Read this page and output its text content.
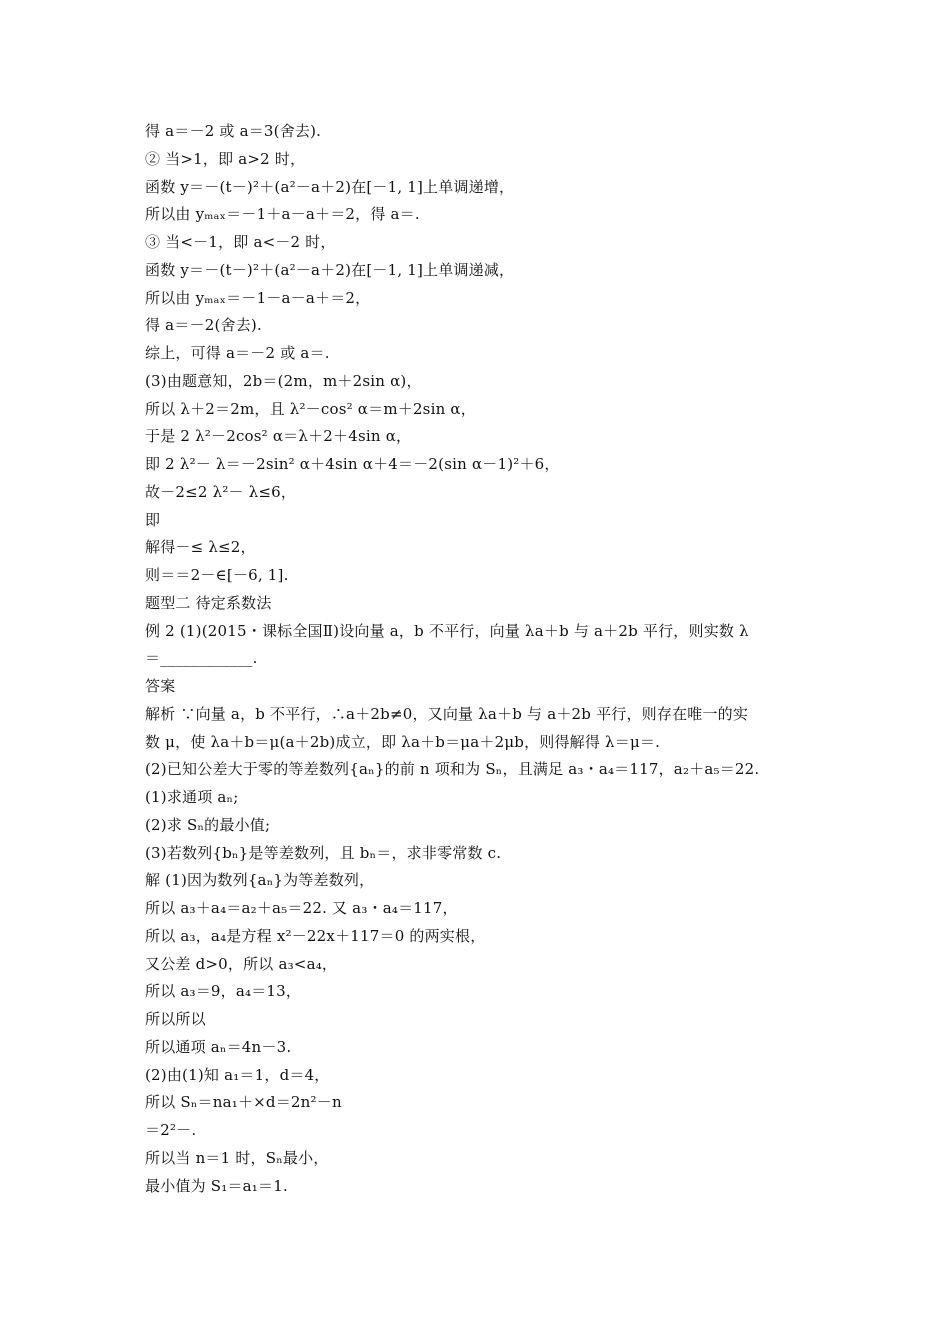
得 a＝－2 或 a＝3(舍去).
② 当>1，即 a>2 时，
函数 y＝－(t－)²＋(a²－a＋2)在[－1, 1]上单调递增，
所以由 yₘₐₓ＝－1＋a－a＋＝2，得 a＝.
③ 当<－1，即 a<－2 时，
函数 y＝－(t－)²＋(a²－a＋2)在[－1, 1]上单调递减，
所以由 yₘₐₓ＝－1－a－a＋＝2，
得 a＝－2(舍去).
综上，可得 a＝－2 或 a＝.
(3)由题意知，2b＝(2m，m＋2sin α)，
所以 λ＋2＝2m，且 λ²－cos² α＝m＋2sin α，
于是 2 λ²－2cos² α＝λ＋2＋4sin α，
即 2 λ²－ λ＝－2sin² α＋4sin α＋4＝－2(sin α－1)²＋6，
故－2≤2 λ²－ λ≤6，
即
解得－≤ λ≤2，
则＝＝2－∈[－6, 1].
题型二 待定系数法
例 2 (1)(2015・课标全国Ⅱ)设向量 a，b 不平行，向量 λa＋b 与 a＋2b 平行，则实数 λ
＝____________.
答案
解析 ∵向量 a，b 不平行，∴a＋2b≠0，又向量 λa＋b 与 a＋2b 平行，则存在唯一的实
数 μ，使 λa＋b＝μ(a＋2b)成立，即 λa＋b＝μa＋2μb，则得解得 λ＝μ＝.
(2)已知公差大于零的等差数列{aₙ}的前 n 项和为 Sₙ，且满足 a₃・a₄＝117，a₂＋a₅＝22.
(1)求通项 aₙ;
(2)求 Sₙ的最小值;
(3)若数列{bₙ}是等差数列，且 bₙ＝，求非零常数 c.
解 (1)因为数列{aₙ}为等差数列，
所以 a₃＋a₄＝a₂＋a₅＝22. 又 a₃・a₄＝117，
所以 a₃，a₄是方程 x²－22x＋117＝0 的两实根，
又公差 d>0，所以 a₃<a₄，
所以 a₃＝9，a₄＝13，
所以所以
所以通项 aₙ＝4n－3.
(2)由(1)知 a₁＝1，d＝4，
所以 Sₙ＝na₁＋×d＝2n²－n
＝2²－.
所以当 n＝1 时，Sₙ最小，
最小值为 S₁＝a₁＝1.
